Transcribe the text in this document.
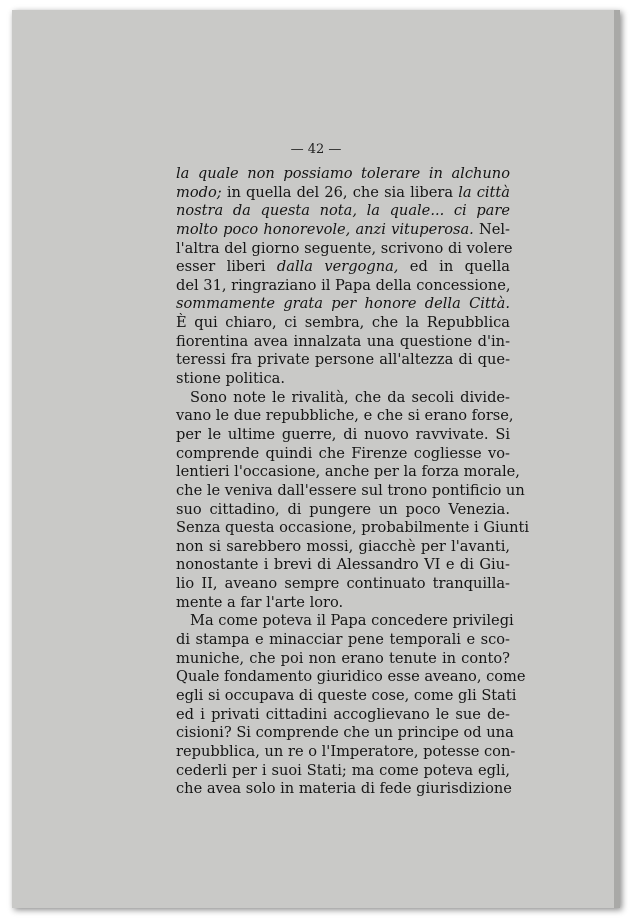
— 42 —
la quale non possiamo tolerare in alchuno
modo; in quella del 26, che sia libera la città
nostra da questa nota, la quale... ci pare
molto poco honorevole, anzi vituperosa. Nel-
l'altra del giorno seguente, scrivono di volere
esser liberi dalla vergogna, ed in quella
del 31, ringraziano il Papa della concessione,
sommamente grata per honore della Città.
È qui chiaro, ci sembra, che la Repubblica
fiorentina avea innalzata una questione d'in-
teressi fra private persone all'altezza di que-
stione politica.
Sono note le rivalità, che da secoli divide-
vano le due repubbliche, e che si erano forse,
per le ultime guerre, di nuovo ravvivate. Si
comprende quindi che Firenze cogliesse vo-
lentieri l'occasione, anche per la forza morale,
che le veniva dall'essere sul trono pontificio un
suo cittadino, di pungere un poco Venezia.
Senza questa occasione, probabilmente i Giunti
non si sarebbero mossi, giacchè per l'avanti,
nonostante i brevi di Alessandro VI e di Giu-
lio II, aveano sempre continuato tranquilla-
mente a far l'arte loro.
Ma come poteva il Papa concedere privilegi
di stampa e minacciar pene temporali e sco-
muniche, che poi non erano tenute in conto?
Quale fondamento giuridico esse aveano, come
egli si occupava di queste cose, come gli Stati
ed i privati cittadini accoglievano le sue de-
cisioni? Si comprende che un principe od una
repubblica, un re o l'Imperatore, potesse con-
cederli per i suoi Stati; ma come poteva egli,
che avea solo in materia di fede giurisdizione
